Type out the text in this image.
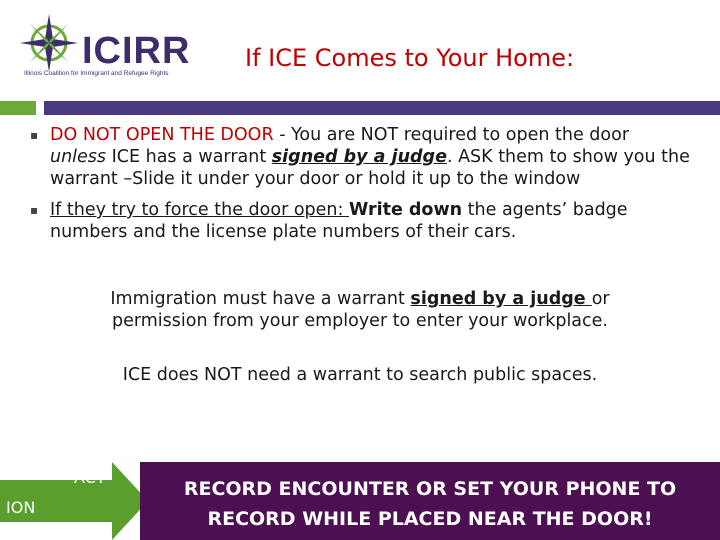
ICIRR
Illinois Coalition for Immigrant and Refugee Rights
If ICE Comes to Your Home:
▪ DO NOT OPEN THE DOOR - You are NOT required to open the door unless ICE has a warrant signed by a judge. ASK them to show you the warrant –Slide it under your door or hold it up to the window
▪ If they try to force the door open: Write down the agents’ badge numbers and the license plate numbers of their cars.
Immigration must have a warrant signed by a judge or permission from your employer to enter your workplace.
ICE does NOT need a warrant to search public spaces.
ACT
ION
RECORD ENCOUNTER OR SET YOUR PHONE TO RECORD WHILE PLACED NEAR THE DOOR!
